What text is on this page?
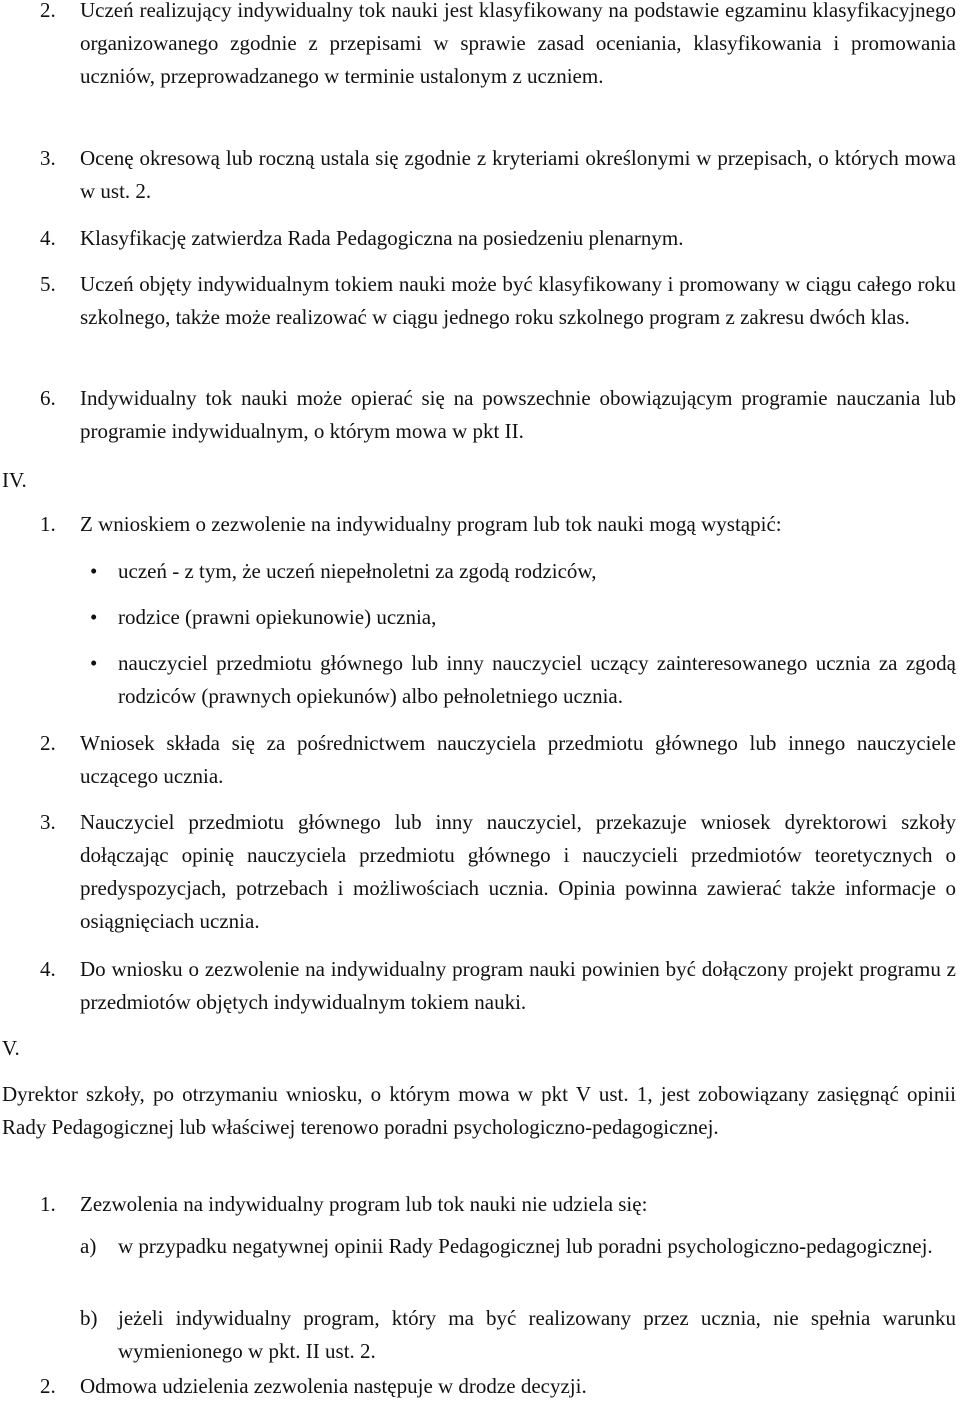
2. Uczeń realizujący indywidualny tok nauki jest klasyfikowany na podstawie egzaminu klasyfikacyjnego organizowanego zgodnie z przepisami w sprawie zasad oceniania, klasyfikowania i promowania uczniów, przeprowadzanego w terminie ustalonym z uczniem.

3. Ocenę okresową lub roczną ustala się zgodnie z kryteriami określonymi w przepisach, o których mowa w ust. 2.

4. Klasyfikację zatwierdza Rada Pedagogiczna na posiedzeniu plenarnym.

5. Uczeń objęty indywidualnym tokiem nauki może być klasyfikowany i promowany w ciągu całego roku szkolnego, także może realizować w ciągu jednego roku szkolnego program z zakresu dwóch klas.

6. Indywidualny tok nauki może opierać się na powszechnie obowiązującym programie nauczania lub programie indywidualnym, o którym mowa w pkt II.

IV.

1. Z wnioskiem o zezwolenie na indywidualny program lub tok nauki mogą wystąpić:

• uczeń - z tym, że uczeń niepełnoletni za zgodą rodziców,

• rodzice (prawni opiekunowie) ucznia,

• nauczyciel przedmiotu głównego lub inny nauczyciel uczący zainteresowanego ucznia za zgodą rodziców (prawnych opiekunów) albo pełnoletniego ucznia.

2. Wniosek składa się za pośrednictwem nauczyciela przedmiotu głównego lub innego nauczyciele uczącego ucznia.

3. Nauczyciel przedmiotu głównego lub inny nauczyciel, przekazuje wniosek dyrektorowi szkoły dołączając opinię nauczyciela przedmiotu głównego i nauczycieli przedmiotów teoretycznych o predyspozycjach, potrzebach i możliwościach ucznia. Opinia powinna zawierać także informacje o osiągnięciach ucznia.

4. Do wniosku o zezwolenie na indywidualny program nauki powinien być dołączony projekt programu z przedmiotów objętych indywidualnym tokiem nauki.

V.

Dyrektor szkoły, po otrzymaniu wniosku, o którym mowa w pkt V ust. 1, jest zobowiązany zasięgnąć opinii Rady Pedagogicznej lub właściwej terenowo poradni psychologiczno-pedagogicznej.

1. Zezwolenia na indywidualny program lub tok nauki nie udziela się:

a) w przypadku negatywnej opinii Rady Pedagogicznej lub poradni psychologiczno-pedagogicznej.

b) jeżeli indywidualny program, który ma być realizowany przez ucznia, nie spełnia warunku wymienionego w pkt. II ust. 2.

2. Odmowa udzielenia zezwolenia następuje w drodze decyzji.
